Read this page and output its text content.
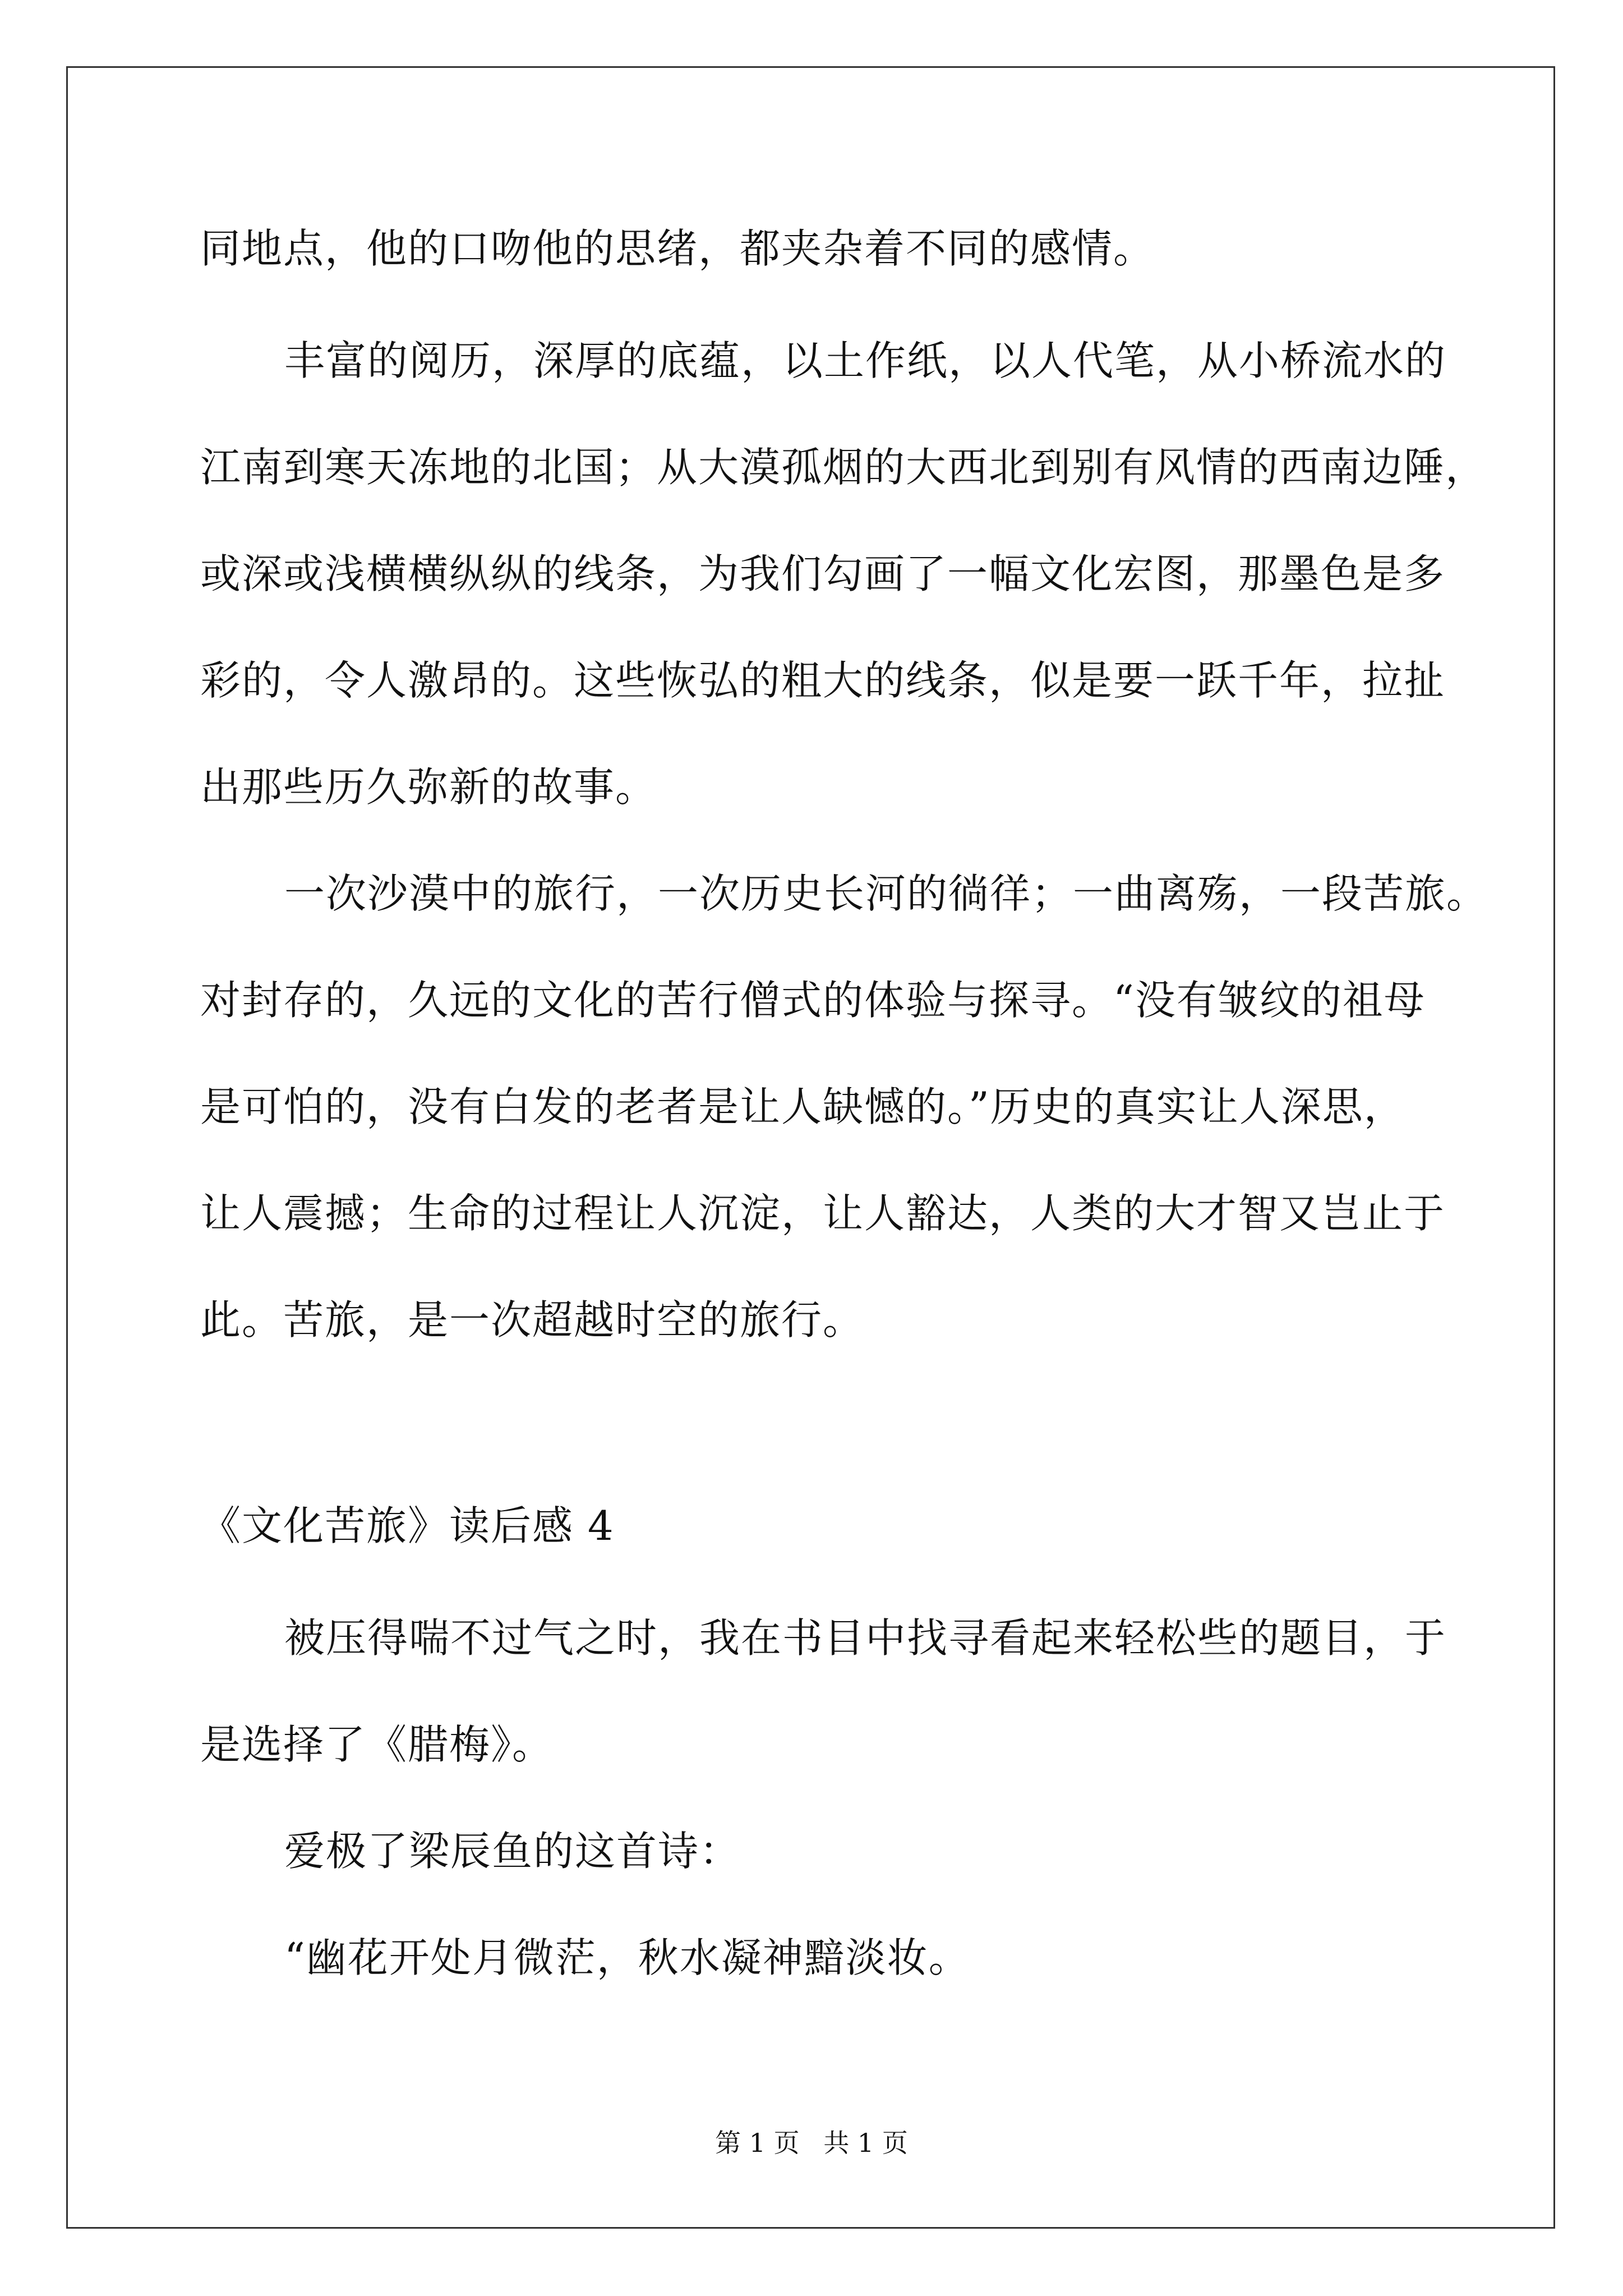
同地点，他的口吻他的思绪，都夹杂着不同的感情。
丰富的阅历，深厚的底蕴，以土作纸，以人代笔，从小桥流水的
江南到寒天冻地的北国；从大漠孤烟的大西北到别有风情的西南边陲，
或深或浅横横纵纵的线条，为我们勾画了一幅文化宏图，那墨色是多
彩的，令人激昂的。这些恢弘的粗大的线条，似是要一跃千年，拉扯
出那些历久弥新的故事。
一次沙漠中的旅行，一次历史长河的徜徉；一曲离殇，一段苦旅。
对封存的，久远的文化的苦行僧式的体验与探寻。“没有皱纹的祖母
是可怕的，没有白发的老者是让人缺憾的。”历史的真实让人深思，
让人震撼；生命的过程让人沉淀，让人豁达，人类的大才智又岂止于
此。苦旅，是一次超越时空的旅行。
《文化苦旅》读后感 4
被压得喘不过气之时，我在书目中找寻看起来轻松些的题目，于
是选择了《腊梅》。
爱极了梁辰鱼的这首诗：
“幽花开处月微茫，秋水凝神黯淡妆。
第 1 页 共 1 页
